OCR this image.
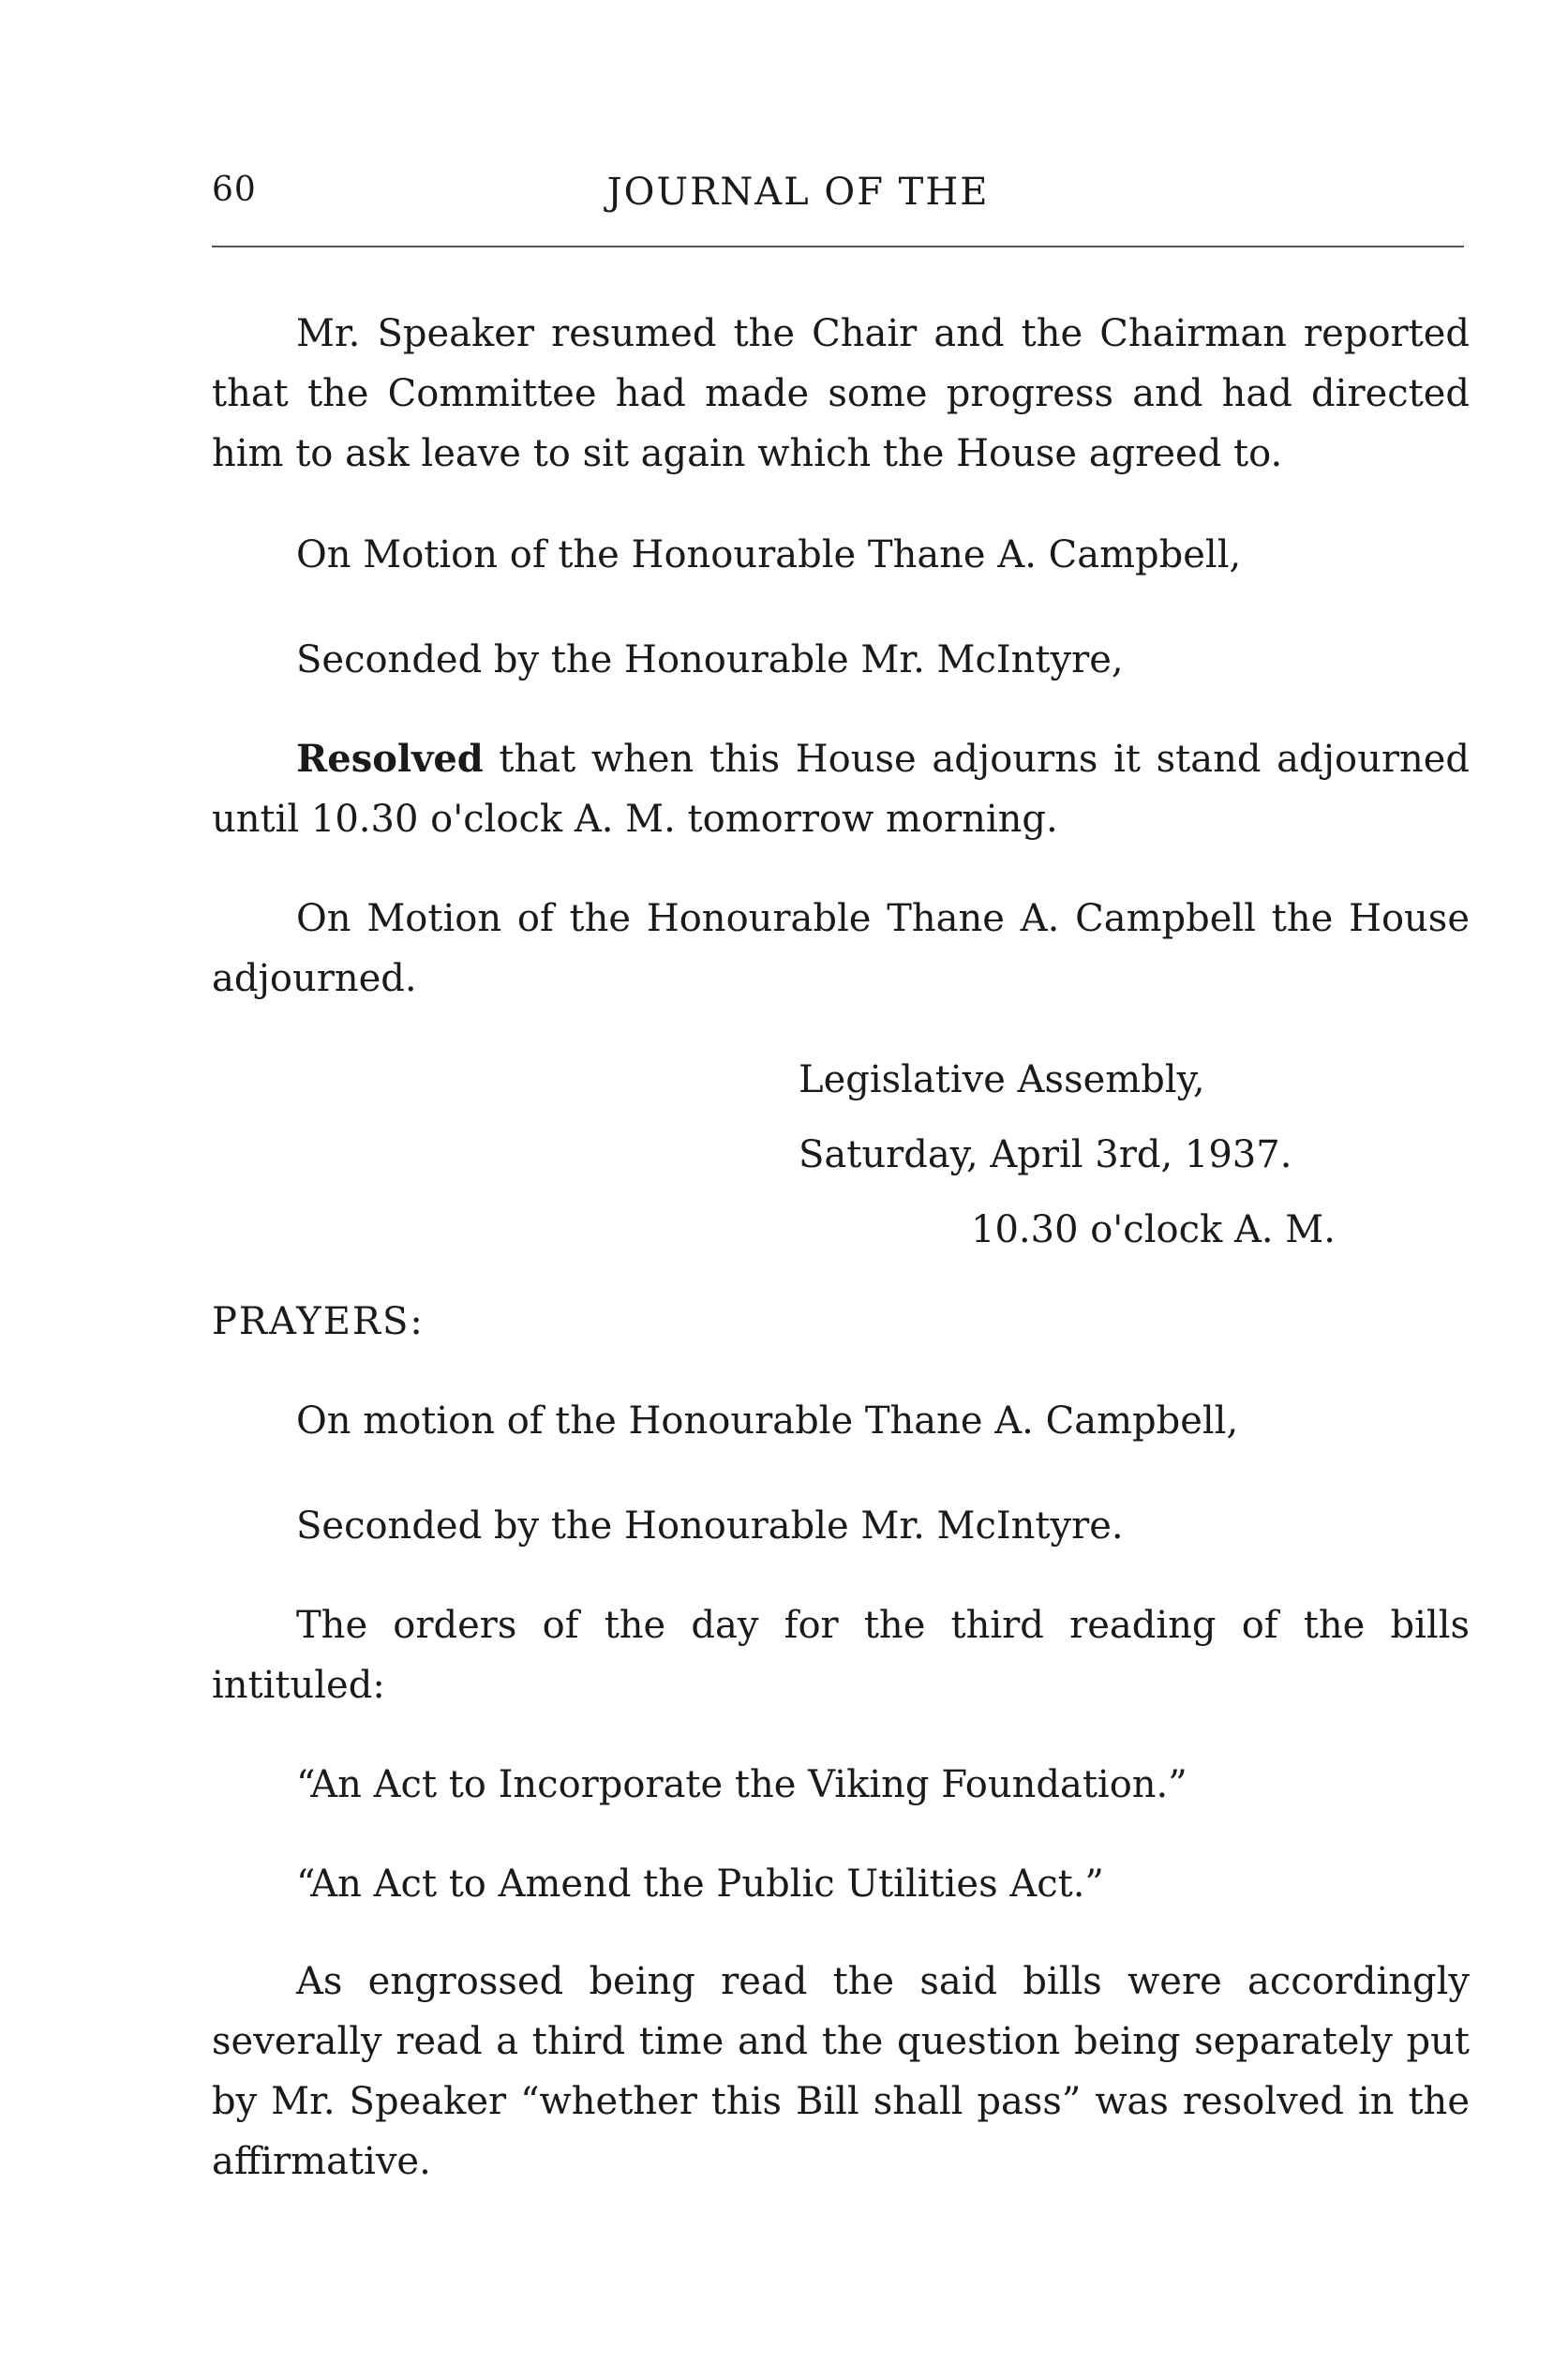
60	JOURNAL OF THE

Mr. Speaker resumed the Chair and the Chairman reported that the Committee had made some progress and had directed him to ask leave to sit again which the House agreed to.

On Motion of the Honourable Thane A. Campbell,

Seconded by the Honourable Mr. McIntyre,

Resolved that when this House adjourns it stand adjourned until 10.30 o'clock A. M. tomorrow morning.

On Motion of the Honourable Thane A. Campbell the House adjourned.

Legislative Assembly,
Saturday, April 3rd, 1937.
10.30 o'clock A. M.

PRAYERS:

On motion of the Honourable Thane A. Campbell,

Seconded by the Honourable Mr. McIntyre.

The orders of the day for the third reading of the bills intituled:

“An Act to Incorporate the Viking Foundation.”

“An Act to Amend the Public Utilities Act.”

As engrossed being read the said bills were accordingly severally read a third time and the question being separately put by Mr. Speaker “whether this Bill shall pass” was resolved in the affirmative.
